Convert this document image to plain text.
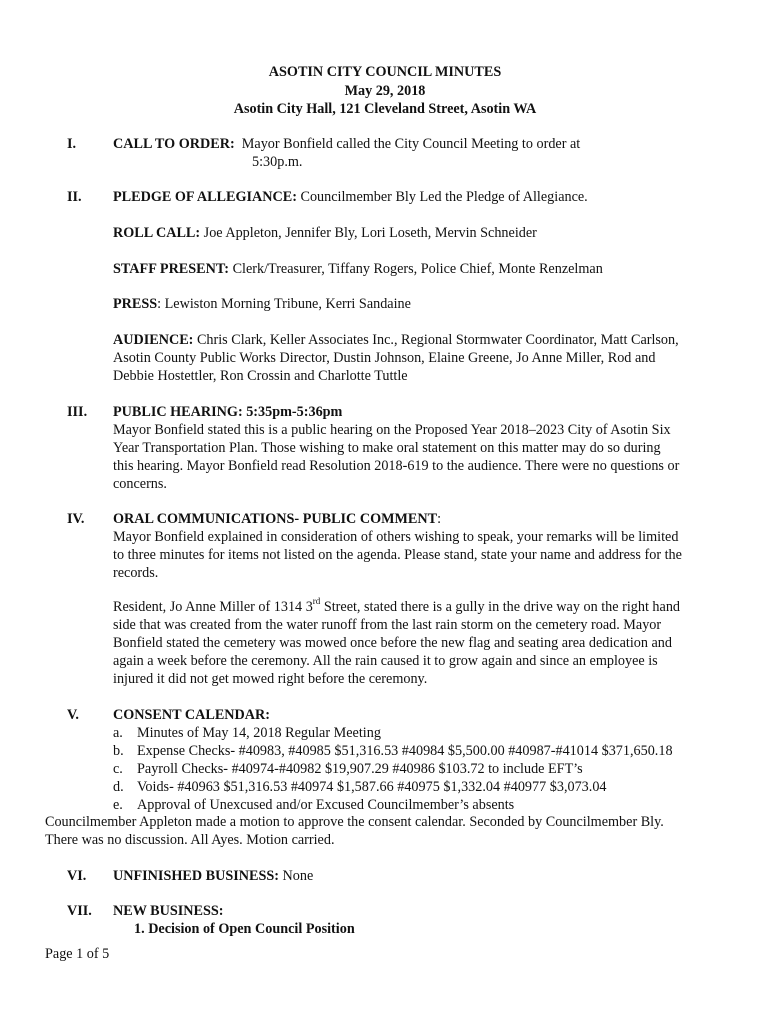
ASOTIN CITY COUNCIL MINUTES
May 29, 2018
Asotin City Hall, 121 Cleveland Street, Asotin WA
I.	CALL TO ORDER: Mayor Bonfield called the City Council Meeting to order at
5:30p.m.
II. PLEDGE OF ALLEGIANCE: Councilmember Bly Led the Pledge of Allegiance.
ROLL CALL: Joe Appleton, Jennifer Bly, Lori Loseth, Mervin Schneider
STAFF PRESENT: Clerk/Treasurer, Tiffany Rogers, Police Chief, Monte Renzelman
PRESS: Lewiston Morning Tribune, Kerri Sandaine
AUDIENCE: Chris Clark, Keller Associates Inc., Regional Stormwater Coordinator, Matt Carlson,
Asotin County Public Works Director, Dustin Johnson, Elaine Greene, Jo Anne Miller, Rod and
Debbie Hostettler, Ron Crossin and Charlotte Tuttle
III. PUBLIC HEARING: 5:35pm-5:36pm
Mayor Bonfield stated this is a public hearing on the Proposed Year 2018–2023 City of Asotin Six
Year Transportation Plan. Those wishing to make oral statement on this matter may do so during
this hearing. Mayor Bonfield read Resolution 2018-619 to the audience. There were no questions or
concerns.
IV. ORAL COMMUNICATIONS- PUBLIC COMMENT:
Mayor Bonfield explained in consideration of others wishing to speak, your remarks will be limited
to three minutes for items not listed on the agenda. Please stand, state your name and address for the
records.
Resident, Jo Anne Miller of 1314 3rd Street, stated there is a gully in the drive way on the right hand
side that was created from the water runoff from the last rain storm on the cemetery road. Mayor
Bonfield stated the cemetery was mowed once before the new flag and seating area dedication and
again a week before the ceremony. All the rain caused it to grow again and since an employee is
injured it did not get mowed right before the ceremony.
V. CONSENT CALENDAR:
a. Minutes of May 14, 2018 Regular Meeting
b. Expense Checks- #40983, #40985 $51,316.53 #40984 $5,500.00 #40987-#41014 $371,650.18
c. Payroll Checks- #40974-#40982 $19,907.29 #40986 $103.72 to include EFT’s
d. Voids- #40963 $51,316.53 #40974 $1,587.66 #40975 $1,332.04 #40977 $3,073.04
e. Approval of Unexcused and/or Excused Councilmember’s absents
Councilmember Appleton made a motion to approve the consent calendar. Seconded by Councilmember Bly.
There was no discussion. All Ayes. Motion carried.
VI. UNFINISHED BUSINESS: None
VII. NEW BUSINESS:
1. Decision of Open Council Position
Page 1 of 5
